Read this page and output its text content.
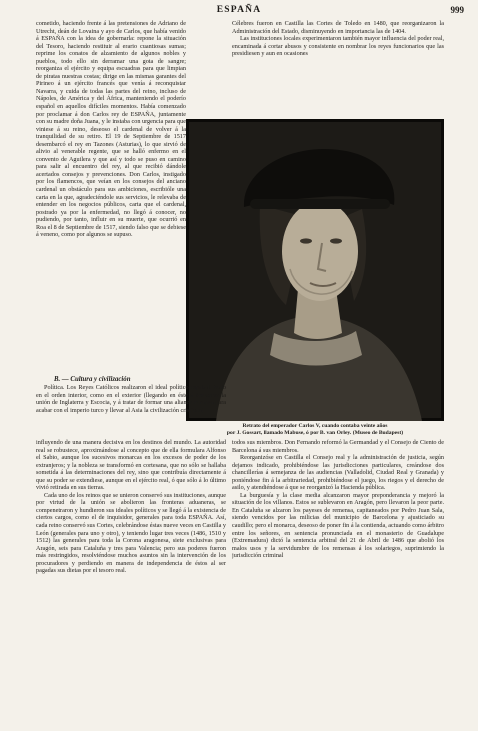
ESPAÑA	999

cometido, haciendo frente á las pretensiones de Adriano de Utrecht, deán de Lovaina y ayo de Carlos, que había venido á ESPAÑA con la idea de gobernarla: repone la situación del Tesoro, haciendo restituir al erario cuantiosas sumas; reprime los conatos de alzamiento de algunos nobles y pueblos, todo ello sin derramar una gota de sangre; reorganiza el ejército y equipa escuadras para que limpian de piratas nuestras costas; dirige en las mismas garantes del Pirineo á un ejército francés que venía á reconquistar Navarra, y cuida de todas las partes del reino, incluso de Nápoles, de América y del África, manteniendo el poderío español en aquellos difíciles momentos. Había comenzado por proclamar á don Carlos rey de ESPAÑA, juntamente con su madre doña Juana, y le instaba con urgencia para que viniese á su reino, deseoso el cardenal de volver á la tranquilidad de su retiro. El 19 de Septiembre de 1517 desembarcó el rey en Tazones (Asturias), lo que sirvió de alivio al venerable regente, que se halló enfermo en el convento de Aguilera y que así y todo se puso en camino para salir al encuentro del rey, al que recibió dándole acertados consejos y prevenciones. Don Carlos, instigado por los flamencos, que veían en los consejos del anciano cardenal un obstáculo para sus ambiciones, escribióle una carta en la que, agradeciéndole sus servicios, le relevaba de entender en los negocios públicos, carta que el cardenal, postrado ya por la enfermedad, no llegó á conocer, no pudiendo, por tanto, influir en su muerte, que ocurrió en Roa el 8 de Septiembre de 1517, siendo falso que se debiese á veneno, como por algunos se supuso.

Célebres fueron en Castilla las Cortes de Toledo en 1480, que reorganizaron la Administración del Estado, disminuyendo en importancia las de 1404.

Las instituciones locales experimentaron también mayor influencia del poder real, encaminada á cortar abusos y consistente en nombrar los reyes funcionarios que las presidiesen y aun en ocasiones

Retrato del emperador Carlos V, cuando contaba veinte años
por J. Gossart, llamado Mabuse, ó por B. van Orley. (Museo de Budapest)
B. — Cultura y civilización

Política. Los Reyes Católicos realizaron el ideal político español, tanto en el orden interior, como en el exterior (llegando en éste á favorecer la unión de Inglaterra y Escocia, y á tratar de formar una alianza europea para acabar con el imperio turco y llevar al Asia la civilización cristiana)

influyendo de una manera decisiva en los destinos del mundo. La autoridad real se robustece, aproximándose al concepto que de ella formulara Alfonso el Sabio, aunque los sucesivos monarcas en los excesos de poder de los extranjeros; y la nobleza se transformó en cortesana, que no sólo se hallaba sometida á las determinaciones del rey, sino que contribuía directamente á que su poder se extendiese, aunque en el ejército real, ó que sólo á lo último vivió retirada en sus tierras.

Cada uno de los reinos que se unieron conservó sus instituciones, aunque por virtud de la unión se abolieron las fronteras aduaneras, se compenetraron y hundieron sus ideales políticos y se llegó á la existencia de ciertos cargos, como el de inquisidor, generales para toda ESPAÑA. Así, cada reino conservó sus Cortes, celebrándose éstas nueve veces en Castilla y León (generales para uno y otro), y teniendo lugar tres veces (1486, 1510 y 1512) las generales para toda la Corona aragonesa, siete exclusivas para Aragón, seis para Cataluña y tres para Valencia; pero sus poderes fueron más restringidos, resolviéndose muchos asuntos sin la intervención de los procuradores y perdiendo en manera de independencia de éstos al ser pagadas sus dietas por el tesoro real.

todos sus miembros. Don Fernando reformó la Germandad y el Consejo de Ciento de Barcelona á sus miembros.

Reorganizóse en Castilla el Consejo real y la administración de justicia, según dejamos indicado, prohibiéndose las jurisdicciones particulares, creándose dos chancillerías á semejanza de las audiencias (Valladolid, Ciudad Real y Granada) y poniéndose fin á la arbitrariedad, prohibiéndose el juego, los riegos y el derecho de asilo, y atendiéndose á que se reorganizó la Hacienda pública.

La burguesía y la clase media alcanzaron mayor preponderancia y mejoró la situación de los villanos. Estos se sublevaron en Aragón, pero llevaron la peor parte. En Cataluña se alzaron los payeses de remensa, capitaneados por Pedro Juan Sala, siendo vencidos por las milicias del municipio de Barcelona y ajusticiado su caudillo; pero el monarca, deseoso de poner fin á la contienda, actuando como árbitro entre los señores, en sentencia pronunciada en el monasterio de Guadalupe (Extremadura) dictó la sentencia arbitral del 21 de Abril de 1486 que abolió los malos usos y la servidumbre de los remensas á los solariegos, suprimiendo la jurisdicción criminal
